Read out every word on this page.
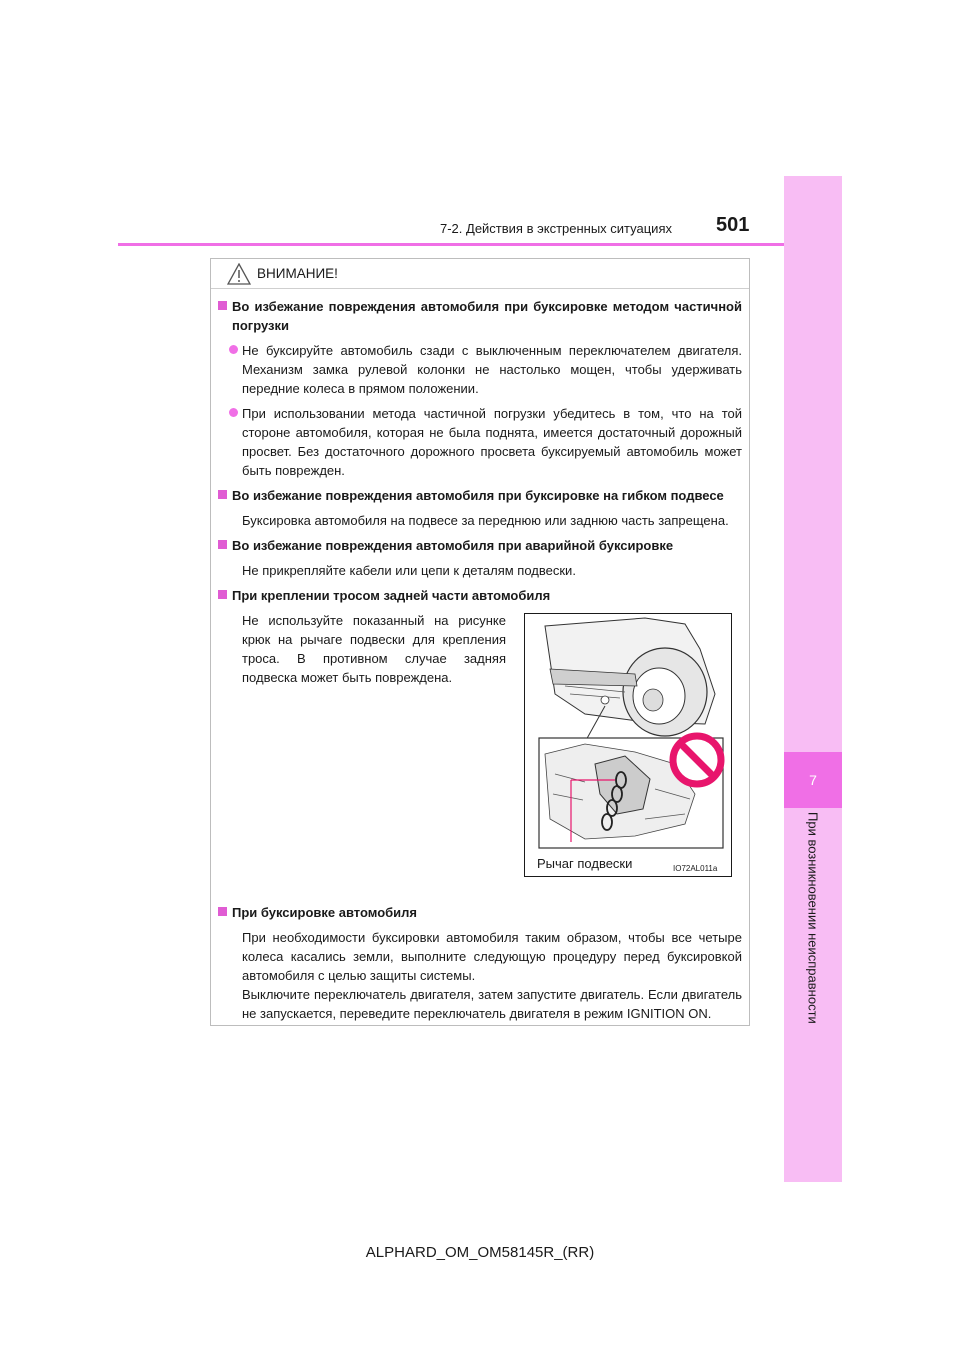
7
При возникновении неисправности
7-2. Действия в экстренных ситуациях 501
ВНИМАНИЕ!
Во избежание повреждения автомобиля при буксировке методом частичной погрузки
Не буксируйте автомобиль сзади с выключенным переключателем двигателя. Механизм замка рулевой колонки не настолько мощен, чтобы удерживать передние колеса в прямом положении.
При использовании метода частичной погрузки убедитесь в том, что на той стороне автомобиля, которая не была поднята, имеется достаточный дорожный просвет. Без достаточного дорожного просвета буксируемый автомобиль может быть поврежден.
Во избежание повреждения автомобиля при буксировке на гибком подвесе
Буксировка автомобиля на подвесе за переднюю или заднюю часть запрещена.
Во избежание повреждения автомобиля при аварийной буксировке
Не прикрепляйте кабели или цепи к деталям подвески.
При креплении тросом задней части автомобиля
Не используйте показанный на рисунке крюк на рычаге подвески для крепления троса. В противном случае задняя подвеска может быть повреждена.
Рычаг подвески	IO72AL011a
При буксировке автомобиля
При необходимости буксировки автомобиля таким образом, чтобы все четыре колеса касались земли, выполните следующую процедуру перед буксировкой автомобиля с целью защиты системы.
Выключите переключатель двигателя, затем запустите двигатель. Если двигатель не запускается, переведите переключатель двигателя в режим IGNITION ON.
ALPHARD_OM_OM58145R_(RR)
